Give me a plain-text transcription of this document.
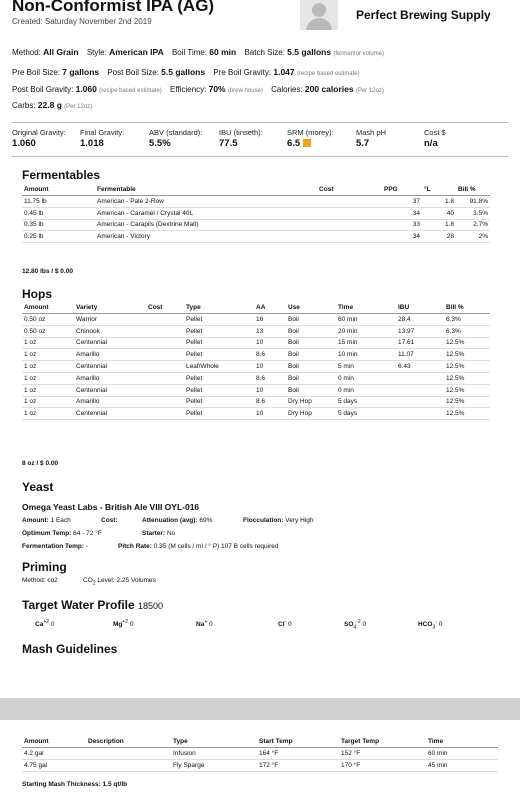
Non-Conformist IPA (AG)
Created: Saturday November 2nd 2019	Perfect Brewing Supply
Method: All Grain Style: American IPA Boil Time: 60 min Batch Size: 5.5 gallons (fermentor volume)
Pre Boil Size: 7 gallons Post Boil Size: 5.5 gallons Pre Boil Gravity: 1.047 (recipe based estimate)
Post Boil Gravity: 1.060 (recipe based estimate) Efficiency: 70% (brew house) Calories: 200 calories (Per 12oz)
Carbs: 22.8 g (Per 12oz)
Original Gravity:
1.060
Final Gravity:
1.018
ABV (standard):
5.5%
IBU (tinseth):
77.5
SRM (morey):
6.5
Mash pH
5.7
Cost $
n/a
Fermentables
Amount	Fermentable	Cost	PPG	°L	Bill %
11.75 lb	American - Pale 2-Row		37	1.8	91.8%
0.45 lb	American - Caramel / Crystal 40L		34	40	3.5%
0.35 lb	American - Carapils (Dextrine Malt)		33	1.8	2.7%
0.25 lb	American - Victory		34	28	2%
12.80 lbs / $ 0.00
Hops
Amount	Variety	Cost	Type	AA	Use	Time	IBU	Bill %
0.50 oz	Warrior		Pellet	16	Boil	60 min	28.4	6.3%
0.50 oz	Chinook		Pellet	13	Boil	20 min	13.97	6.3%
1 oz	Centennial		Pellet	10	Boil	15 min	17.61	12.5%
1 oz	Amarillo		Pellet	8.6	Boil	10 min	11.07	12.5%
1 oz	Centennial		Leaf/Whole	10	Boil	5 min	6.43	12.5%
1 oz	Amarillo		Pellet	8.6	Boil	0 min		12.5%
1 oz	Centennial		Pellet	10	Boil	0 min		12.5%
1 oz	Amarillo		Pellet	8.6	Dry Hop	5 days		12.5%
1 oz	Centennial		Pellet	10	Dry Hop	5 days		12.5%
8 oz / $ 0.00
Yeast
Omega Yeast Labs - British Ale VIII OYL-016
Amount: 1 Each	Cost:	Attenuation (avg): 69%	Flocculation: Very High
Optimum Temp: 64 - 72 °F	Starter: No
Fermentation Temp: -	Pitch Rate: 0.35 (M cells / ml / ° P) 107 B cells required
Priming
Method: co2	$CO_2$ Level: 2.25 Volumes
Target Water Profile 18500
$Ca^{+2}$ 0	$Mg^{+2}$ 0	Na+ 0	Cl- 0	$SO_4^{-2}$ 0	$HCO_3^-$ 0
Mash Guidelines
Amount	Description	Type	Start Temp	Target Temp	Time
4.2 gal		Infusion	164 °F	152 °F	60 min
4.75 gal		Fly Sparge	172 °F	170 °F	45 min
Starting Mash Thickness: 1.5 qt/lb
